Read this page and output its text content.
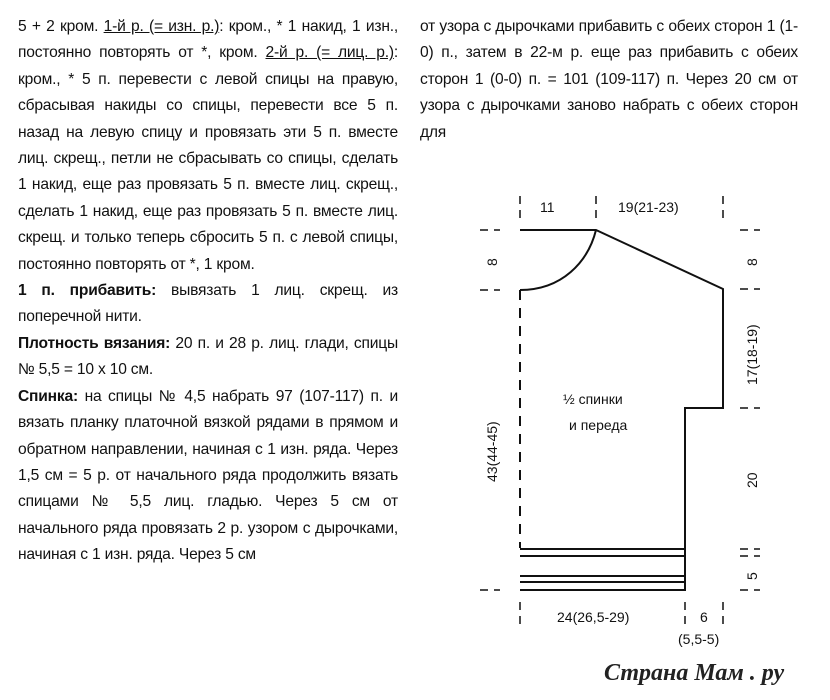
5 + 2 кром. 1-й р. (= изн. р.): кром., * 1 накид, 1 изн., постоянно повторять от *, кром. 2-й р. (= лиц. р.): кром., * 5 п. перевести с левой спицы на правую, сбрасывая накиды со спицы, перевести все 5 п. назад на левую спицу и провязать эти 5 п. вместе лиц. скрещ., петли не сбрасывать со спицы, сделать 1 накид, еще раз провязать 5 п. вместе лиц. скрещ., сделать 1 накид, еще раз провязать 5 п. вместе лиц. скрещ. и только теперь сбросить 5 п. с левой спицы, постоянно повторять от *, 1 кром.

1 п. прибавить: вывязать 1 лиц. скрещ. из поперечной нити.

Плотность вязания: 20 п. и 28 р. лиц. глади, спицы № 5,5 = 10 х 10 см.

Спинка: на спицы № 4,5 набрать 97 (107-117) п. и вязать планку платочной вязкой рядами в прямом и обратном направлении, начиная с 1 изн. ряда. Через 1,5 см = 5 р. от начального ряда продолжить вязать спицами № 5,5 лиц. гладью. Через 5 см от начального ряда провязать 2 р. узором с дырочками, начиная с 1 изн. ряда. Через 5 см

от узора с дырочками прибавить с обеих сторон 1 (1-0) п., затем в 22-м р. еще раз прибавить с обеих сторон 1 (0-0) п. = 101 (109-117) п. Через 20 см от узора с дырочками заново набрать с обеих сторон для

11	19(21-23)
8
43(44-45)
8
17(18-19)
20
5
½ спинки
и переда
24(26,5-29)	6
(5,5-5)
Страна Мам . ру
